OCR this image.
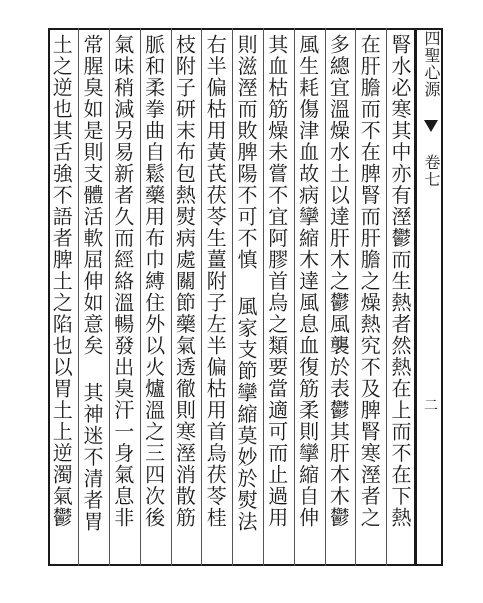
四聖心源  卷七
二
腎水必寒其中亦有溼鬱而生熱者然熱在上而不在下熱
在肝膽而不在脾腎而肝膽之燥熱究不及脾腎寒溼者之
多總宜溫燥水土以達肝木之鬱風襲於表鬱其肝木木鬱
風生耗傷津血故病攣縮木達風息血復筋柔則攣縮自伸
其血枯筋燥未嘗不宜阿膠首烏之類要當適可而止過用
則滋溼而敗脾陽不可不慎 風家支節攣縮莫妙於熨法
右半偏枯用黃芪茯苓生薑附子左半偏枯用首烏茯苓桂
枝附子研末布包熱熨病處關節藥氣透徹則寒溼消散筋
脈和柔拳曲自鬆藥用布巾縛住外以火爐溫之三四次後
氣味稍減另易新者久而經絡溫暢發出臭汗一身氣息非
常腥臭如是則支體活軟屈伸如意矣 其神迷不清者胃
土之逆也其舌強不語者脾土之陷也以胃土上逆濁氣鬱
